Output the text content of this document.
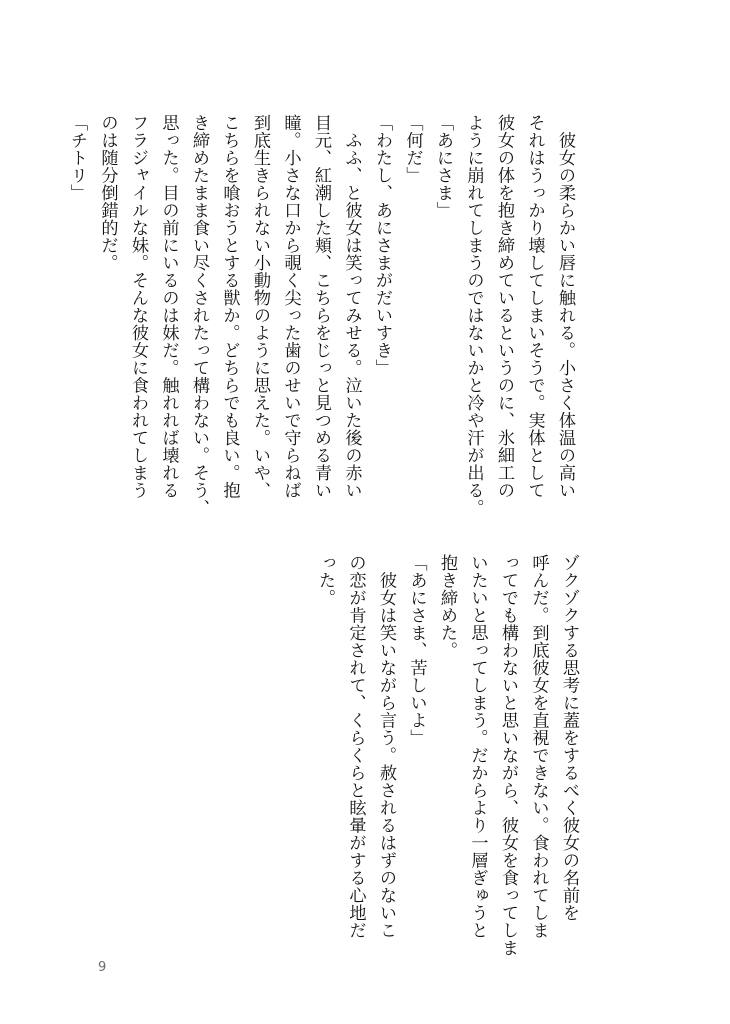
　彼女の柔らかい唇に触れる。小さく体温の高い

それはうっかり壊してしまいそうで。実体として

彼女の体を抱き締めているというのに、氷細工の

ように崩れてしまうのではないかと冷や汗が出る。

「あにさま」

「何だ」

「わたし、あにさまがだいすき」

　ふふ、と彼女は笑ってみせる。泣いた後の赤い

目元、紅潮した頬、こちらをじっと見つめる青い

瞳。小さな口から覗く尖った歯のせいで守らねば

到底生きられない小動物のように思えた。いや、

こちらを喰おうとする獣か。どちらでも良い。抱

き締めたまま食い尽くされたって構わない。そう、

思った。目の前にいるのは妹だ。触れれば壊れる

フラジャイルな妹。そんな彼女に食われてしまう

のは随分倒錯的だ。

「チトリ」

ゾクゾクする思考に蓋をするべく彼女の名前を

呼んだ。到底彼女を直視できない。食われてしま

ってでも構わないと思いながら、彼女を食ってしま

いたいと思ってしまう。だからより一層ぎゅうと

抱き締めた。

「あにさま、苦しいよ」

　彼女は笑いながら言う。赦されるはずのないこ

の恋が肯定されて、くらくらと眩暈がする心地だ

った。

9
